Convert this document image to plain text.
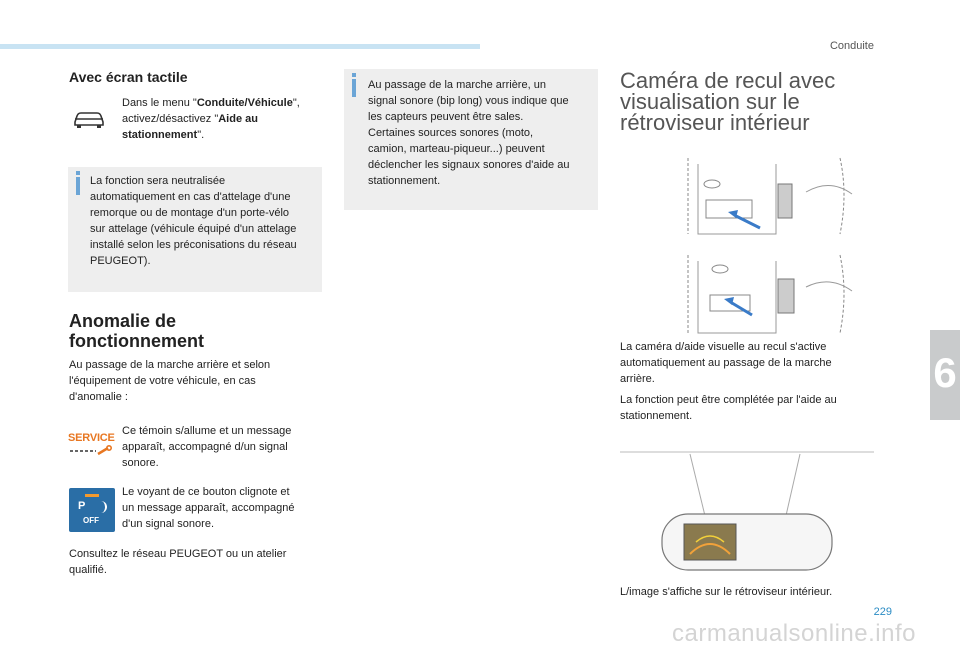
Conduite
Avec écran tactile
Dans le menu "Conduite/Véhicule",
activez/désactivez "Aide au
stationnement".
La fonction sera neutralisée
automatiquement en cas d'attelage d'une
remorque ou de montage d'un porte-vélo
sur attelage (véhicule équipé d'un attelage
installé selon les préconisations du réseau
PEUGEOT).
Anomalie de
fonctionnement
Au passage de la marche arrière et selon
l'équipement de votre véhicule, en cas
d'anomalie :
SERVICE
Ce témoin s/allume et un message
apparaît, accompagné d/un signal
sonore.
P
OFF
Le voyant de ce bouton clignote et
un message apparaît, accompagné
d'un signal sonore.
Consultez le réseau PEUGEOT ou un atelier
qualifié.
Au passage de la marche arrière, un
signal sonore (bip long) vous indique que
les capteurs peuvent être sales.
Certaines sources sonores (moto,
camion, marteau-piqueur...) peuvent
déclencher les signaux sonores d'aide au
stationnement.
Caméra de recul avec
visualisation sur le
rétroviseur intérieur
La caméra d/aide visuelle au recul s'active
automatiquement au passage de la marche
arrière.
La fonction peut être complétée par l'aide au
stationnement.
L/image s'affiche sur le rétroviseur intérieur.
6
229
carmanualsonline.info
